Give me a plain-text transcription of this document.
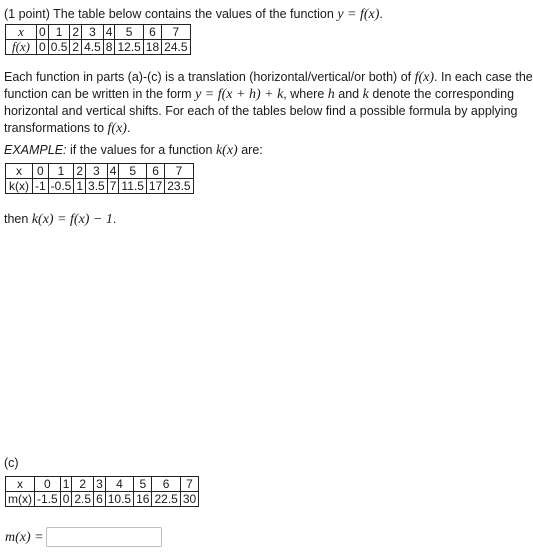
(1 point) The table below contains the values of the function y = f(x).
x	0	1	2	3	4	5	6	7
f(x)	0	0.5	2	4.5	8	12.5	18	24.5
Each function in parts (a)-(c) is a translation (horizontal/vertical/or both) of f(x). In each case the
function can be written in the form y = f(x + h) + k, where h and k denote the corresponding
horizontal and vertical shifts. For each of the tables below find a possible formula by applying
transformations to f(x).
EXAMPLE: if the values for a function k(x) are:
x	0	1	2	3	4	5	6	7
k(x)	-1	-0.5	1	3.5	7	11.5	17	23.5
then k(x) = f(x) − 1.
(c)
x	0	1	2	3	4	5	6	7
m(x)	-1.5	0	2.5	6	10.5	16	22.5	30
m(x) =
